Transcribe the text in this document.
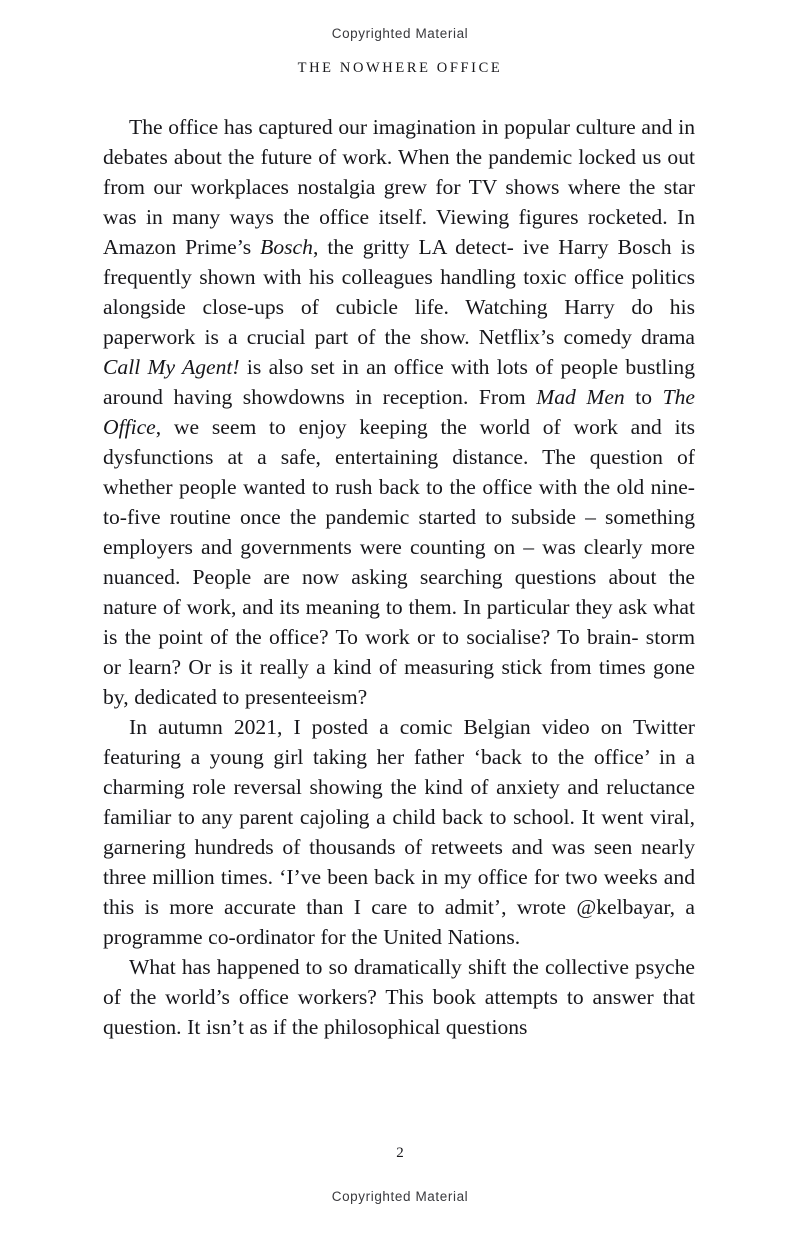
Copyrighted Material
THE NOWHERE OFFICE

The office has captured our imagination in popular culture and in debates about the future of work. When the pandemic locked us out from our workplaces nostalgia grew for TV shows where the star was in many ways the office itself. Viewing figures rocketed. In Amazon Prime’s Bosch, the gritty LA detect- ive Harry Bosch is frequently shown with his colleagues handling toxic office politics alongside close-ups of cubicle life. Watching Harry do his paperwork is a crucial part of the show. Netflix’s comedy drama Call My Agent! is also set in an office with lots of people bustling around having showdowns in reception. From Mad Men to The Office, we seem to enjoy keeping the world of work and its dysfunctions at a safe, entertaining distance. The question of whether people wanted to rush back to the office with the old nine-to-five routine once the pandemic started to subside – something employers and governments were counting on – was clearly more nuanced. People are now asking searching questions about the nature of work, and its meaning to them. In particular they ask what is the point of the office? To work or to socialise? To brain- storm or learn? Or is it really a kind of measuring stick from times gone by, dedicated to presenteeism?

In autumn 2021, I posted a comic Belgian video on Twitter featuring a young girl taking her father ‘back to the office’ in a charming role reversal showing the kind of anxiety and reluctance familiar to any parent cajoling a child back to school. It went viral, garnering hundreds of thousands of retweets and was seen nearly three million times. ‘I’ve been back in my office for two weeks and this is more accurate than I care to admit’, wrote @kelbayar, a programme co-ordinator for the United Nations.

What has happened to so dramatically shift the collective psyche of the world’s office workers? This book attempts to answer that question. It isn’t as if the philosophical questions

2
Copyrighted Material
